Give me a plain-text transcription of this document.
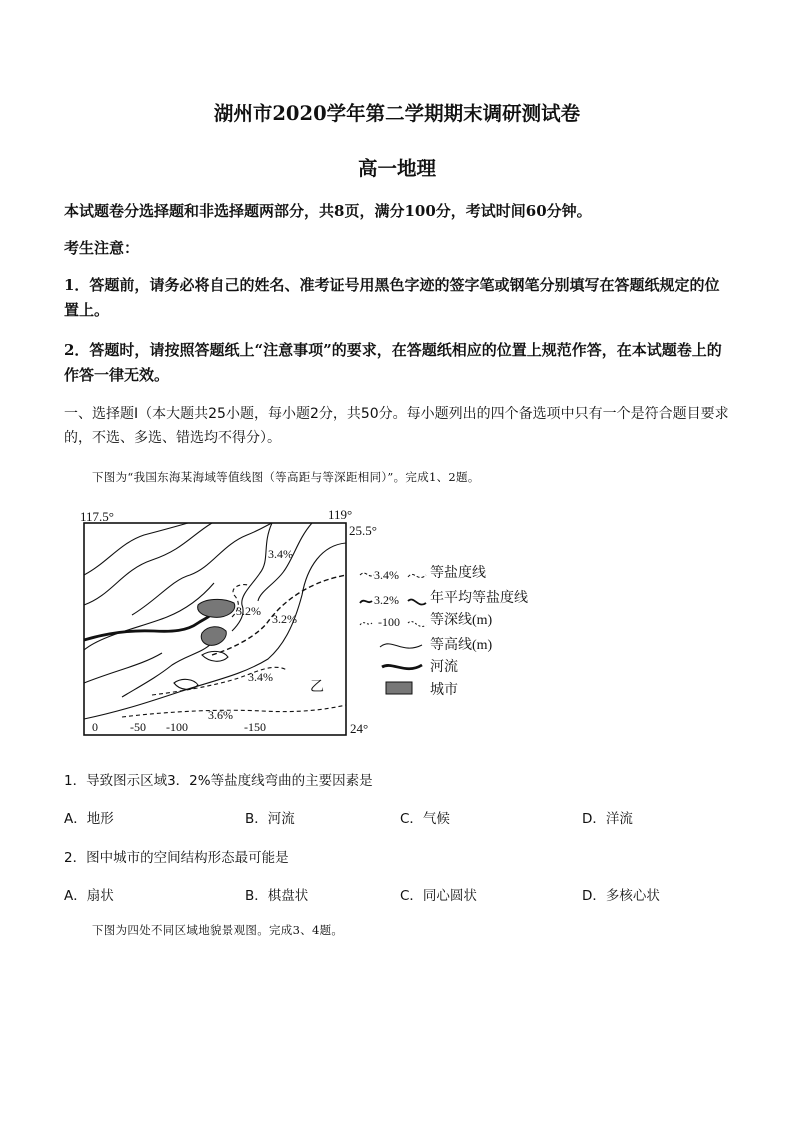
湖州市2020学年第二学期期末调研测试卷
高一地理
本试题卷分选择题和非选择题两部分，共8页，满分100分，考试时间60分钟。
考生注意：
1．答题前，请务必将自己的姓名、准考证号用黑色字迹的签字笔或钢笔分别填写在答题纸规定的位置上。
2．答题时，请按照答题纸上“注意事项”的要求，在答题纸相应的位置上规范作答，在本试题卷上的作答一律无效。
一、选择题Ⅰ（本大题共25小题，每小题2分，共50分。每小题列出的四个备选项中只有一个是符合题目要求的，不选、多选、错选均不得分）。
下图为“我国东海某海域等值线图（等高距与等深距相同）”。完成1、2题。
117.5°	119°
25.5°
24°
3.4%
3.2%
3.2%
3.4%
3.6%
0	-50 -100	-150
乙
3.4% 等盐度线
3.2% 年平均等盐度线
-100 等深线(m)
等高线(m)
河流
城市
1．导致图示区域3．2%等盐度线弯曲的主要因素是
A．地形	B．河流	C．气候	D．洋流
2．图中城市的空间结构形态最可能是
A．扇状	B．棋盘状	C．同心圆状	D．多核心状
下图为四处不同区域地貌景观图。完成3、4题。
